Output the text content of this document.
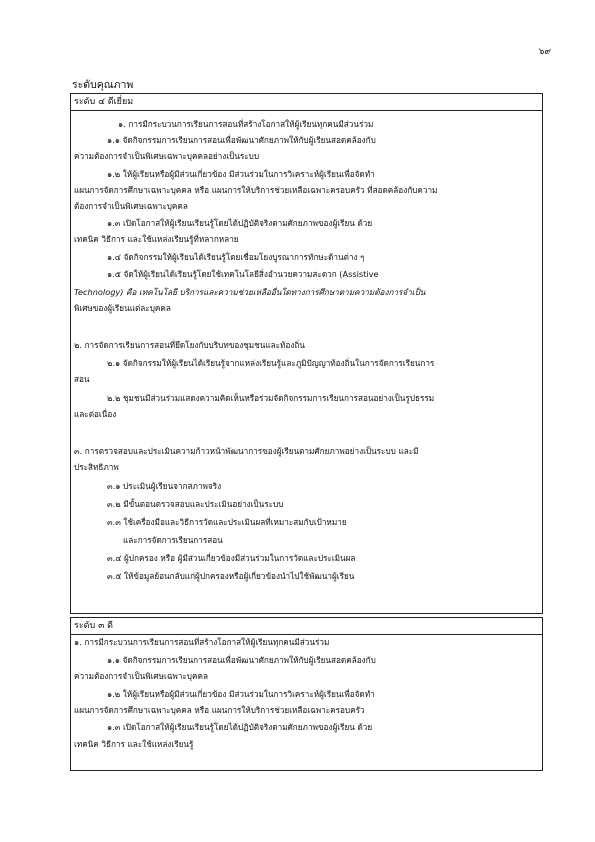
๖๙
ระดับคุณภาพ
ระดับ ๔ ดีเยี่ยม
๑. การมีกระบวนการเรียนการสอนที่สร้างโอกาสให้ผู้เรียนทุกคนมีส่วนร่วม
๑.๑ จัดกิจกรรมการเรียนการสอนเพื่อพัฒนาศักยภาพให้กับผู้เรียนสอดคล้องกับ
ความต้องการจำเป็นพิเศษเฉพาะบุคคลอย่างเป็นระบบ
๑.๒ ให้ผู้เรียนหรือผู้มีส่วนเกี่ยวข้อง มีส่วนร่วมในการวิเคราะห์ผู้เรียนเพื่อจัดทำ
แผนการจัดการศึกษาเฉพาะบุคคล หรือ แผนการให้บริการช่วยเหลือเฉพาะครอบครัว ที่สอดคล้องกับความ
ต้องการจำเป็นพิเศษเฉพาะบุคคล
๑.๓ เปิดโอกาสให้ผู้เรียนเรียนรู้โดยได้ปฏิบัติจริงตามศักยภาพของผู้เรียน ด้วย
เทคนิค วิธีการ และใช้แหล่งเรียนรู้ที่หลากหลาย
๑.๔ จัดกิจกรรมให้ผู้เรียนได้เรียนรู้โดยเชื่อมโยงบูรณาการทักษะด้านต่าง ๆ
๑.๕ จัดให้ผู้เรียนได้เรียนรู้โดยใช้เทคโนโลยีสิ่งอำนวยความสะดวก (Assistive
Technology) คือ เทคโนโลยี บริการและความช่วยเหลืออื่นใดทางการศึกษาตามความต้องการจำเป็น
พิเศษของผู้เรียนแต่ละบุคคล
๒. การจัดการเรียนการสอนที่ยึดโยงกับบริบทของชุมชนและท้องถิ่น
๒.๑ จัดกิจกรรมให้ผู้เรียนได้เรียนรู้จากแหล่งเรียนรู้และภูมิปัญญาท้องถิ่นในการจัดการเรียนการ
สอน
๒.๒ ชุมชนมีส่วนร่วมแสดงความคิดเห็นหรือร่วมจัดกิจกรรมการเรียนการสอนอย่างเป็นรูปธรรม
และต่อเนื่อง
๓. การตรวจสอบและประเมินความก้าวหน้าพัฒนาการของผู้เรียนตามศักยภาพอย่างเป็นระบบ และมี
ประสิทธิภาพ
๓.๑ ประเมินผู้เรียนจากสภาพจริง
๓.๒ มีขั้นตอนตรวจสอบและประเมินอย่างเป็นระบบ
๓.๓ ใช้เครื่องมือและวิธีการวัดและประเมินผลที่เหมาะสมกับเป้าหมาย
และการจัดการเรียนการสอน
๓.๔ ผู้ปกครอง หรือ ผู้มีส่วนเกี่ยวข้องมีส่วนร่วมในการวัดและประเมินผล
๓.๕ ให้ข้อมูลย้อนกลับแก่ผู้ปกครองหรือผู้เกี่ยวข้องนำไปใช้พัฒนาผู้เรียน
ระดับ ๓ ดี
๑. การมีกระบวนการเรียนการสอนที่สร้างโอกาสให้ผู้เรียนทุกคนมีส่วนร่วม
๑.๑ จัดกิจกรรมการเรียนการสอนเพื่อพัฒนาศักยภาพให้กับผู้เรียนสอดคล้องกับ
ความต้องการจำเป็นพิเศษเฉพาะบุคคล
๑.๒ ให้ผู้เรียนหรือผู้มีส่วนเกี่ยวข้อง มีส่วนร่วมในการวิเคราะห์ผู้เรียนเพื่อจัดทำ
แผนการจัดการศึกษาเฉพาะบุคคล หรือ แผนการให้บริการช่วยเหลือเฉพาะครอบครัว
๑.๓ เปิดโอกาสให้ผู้เรียนเรียนรู้โดยได้ปฏิบัติจริงตามศักยภาพของผู้เรียน ด้วย
เทคนิค วิธีการ และใช้แหล่งเรียนรู้
